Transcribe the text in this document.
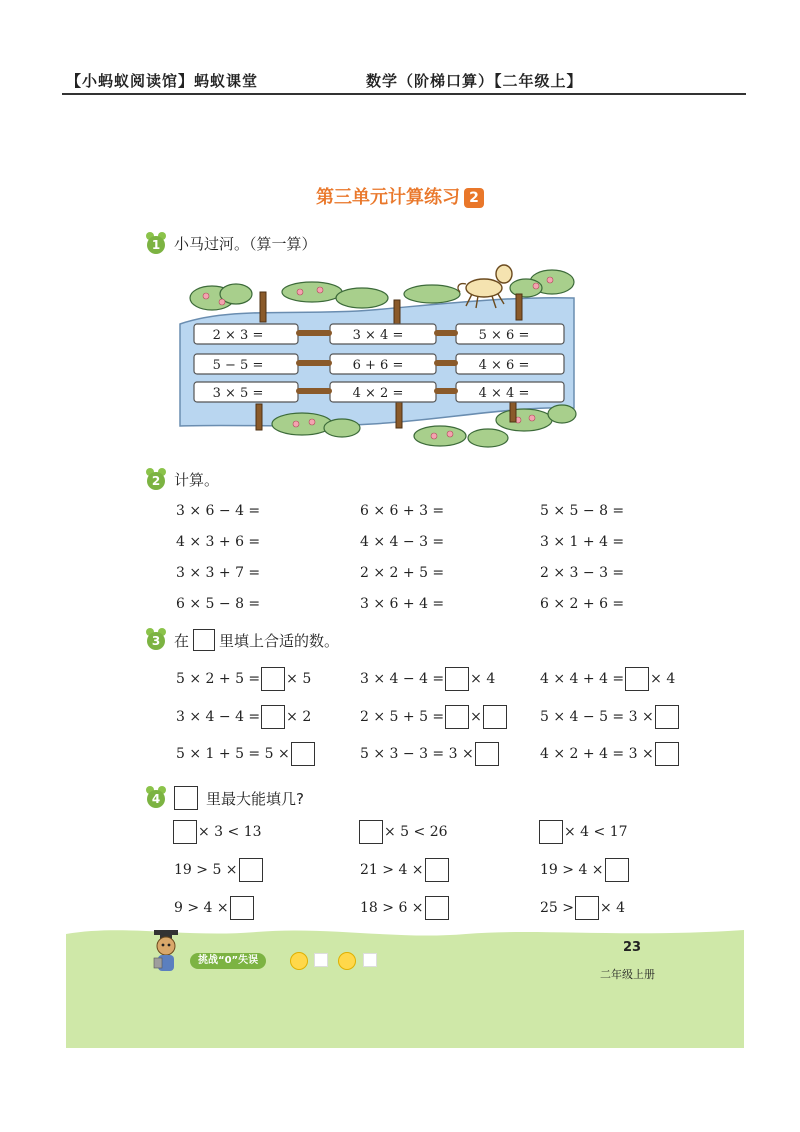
【小蚂蚁阅读馆】蚂蚁课堂	数学（阶梯口算）【二年级上】
第三单元计算练习 2
1 小马过河。（算一算）
2 × 3 =	3 × 4 =	5 × 6 =
5 − 5 =	6 + 6 =	4 × 6 =
3 × 5 =	4 × 2 =	4 × 4 =
2 计算。
3 × 6 − 4 =	6 × 6 + 3 =	5 × 5 − 8 =
4 × 3 + 6 =	4 × 4 − 3 =	3 × 1 + 4 =
3 × 3 + 7 =	2 × 2 + 5 =	2 × 3 − 3 =
6 × 5 − 8 =	3 × 6 + 4 =	6 × 2 + 6 =
3 在 里填上合适的数。
5 × 2 + 5 = × 5	3 × 4 − 4 = × 4	4 × 4 + 4 = × 4
3 × 4 − 4 = × 2	2 × 5 + 5 = ×	5 × 4 − 5 = 3 ×
5 × 1 + 5 = 5 ×	5 × 3 − 3 = 3 ×	4 × 2 + 4 = 3 ×
4	里最大能填几?
× 3 < 13	× 5 < 26	× 4 < 17
19 > 5 ×	21 > 4 ×	19 > 4 ×
9 > 4 ×	18 > 6 ×	25 > × 4
挑战“0”失误
23
二年级上册
